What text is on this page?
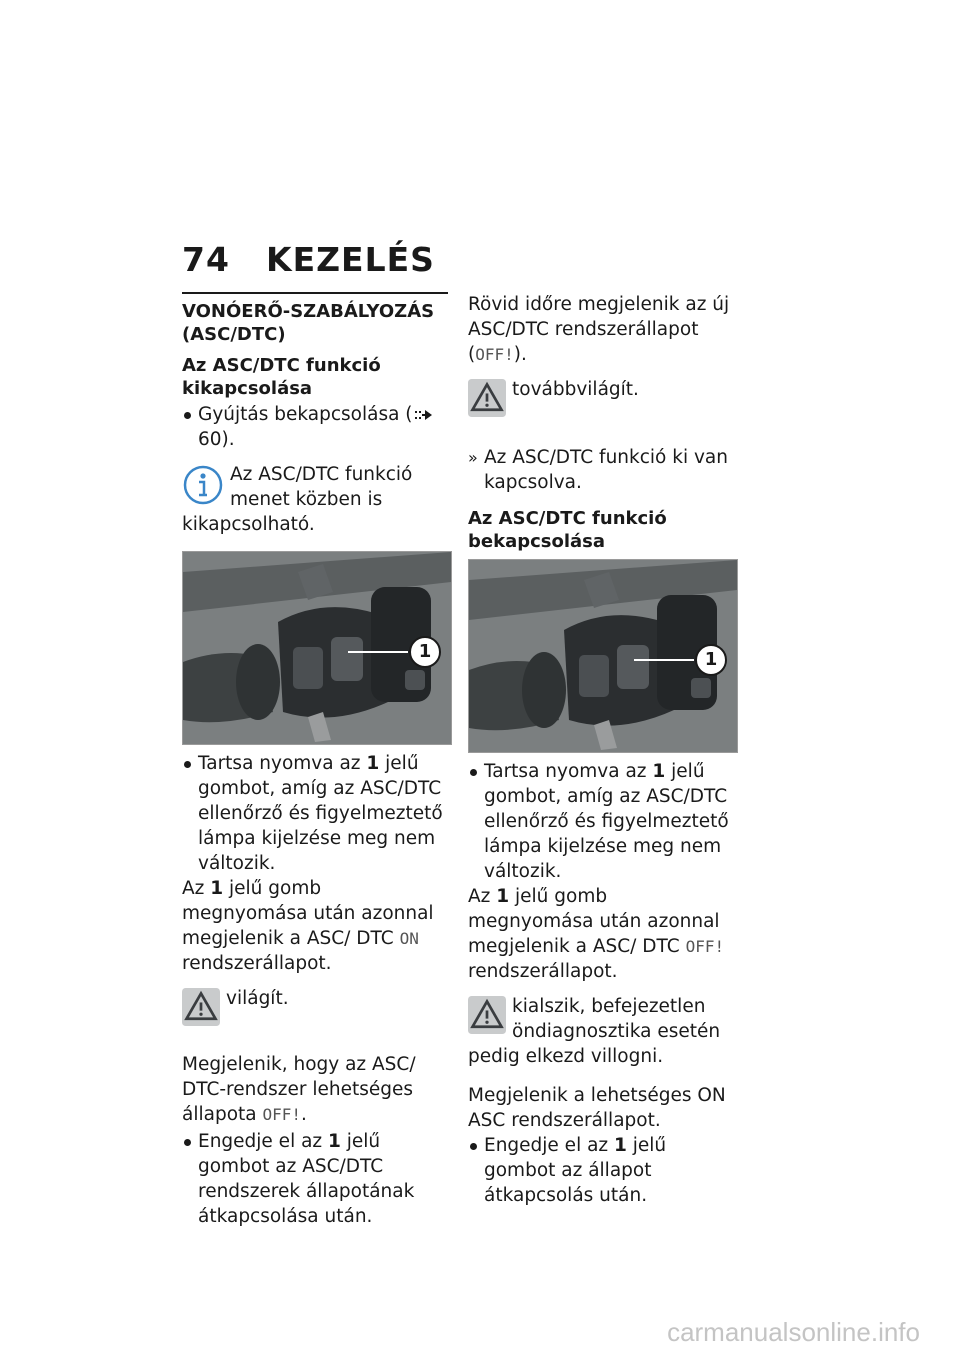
74 KEZELÉS
VONÓERŐ-SZABÁLYOZÁS (ASC/DTC)
Az ASC/DTC funkció kikapcsolása
Gyújtás bekapcsolása (60).
Az ASC/DTC funkció menet közben is kikapcsolható.
1
Tartsa nyomva az 1 jelű gombot, amíg az ASC/DTC ellenőrző és figyelmeztető lámpa kijelzése meg nem változik.
Az 1 jelű gomb megnyomása után azonnal megjelenik a ASC/ DTC ON rendszerállapot.
világít.
Megjelenik, hogy az ASC/ DTC-rendszer lehetséges állapota OFF!.
Engedje el az 1 jelű gombot az ASC/DTC rendszerek állapotának átkapcsolása után.
Rövid időre megjelenik az új ASC/DTC rendszerállapot (OFF!).
továbbvilágít.
» Az ASC/DTC funkció ki van kapcsolva.
Az ASC/DTC funkció bekapcsolása
1
Tartsa nyomva az 1 jelű gombot, amíg az ASC/DTC ellenőrző és figyelmeztető lámpa kijelzése meg nem változik.
Az 1 jelű gomb megnyomása után azonnal megjelenik a ASC/ DTC OFF! rendszerállapot.
kialszik, befejezetlen öndiagnosztika esetén pedig elkezd villogni.
Megjelenik a lehetséges ON ASC rendszerállapot.
Engedje el az 1 jelű gombot az állapot átkapcsolás után.
carmanualsonline.info
